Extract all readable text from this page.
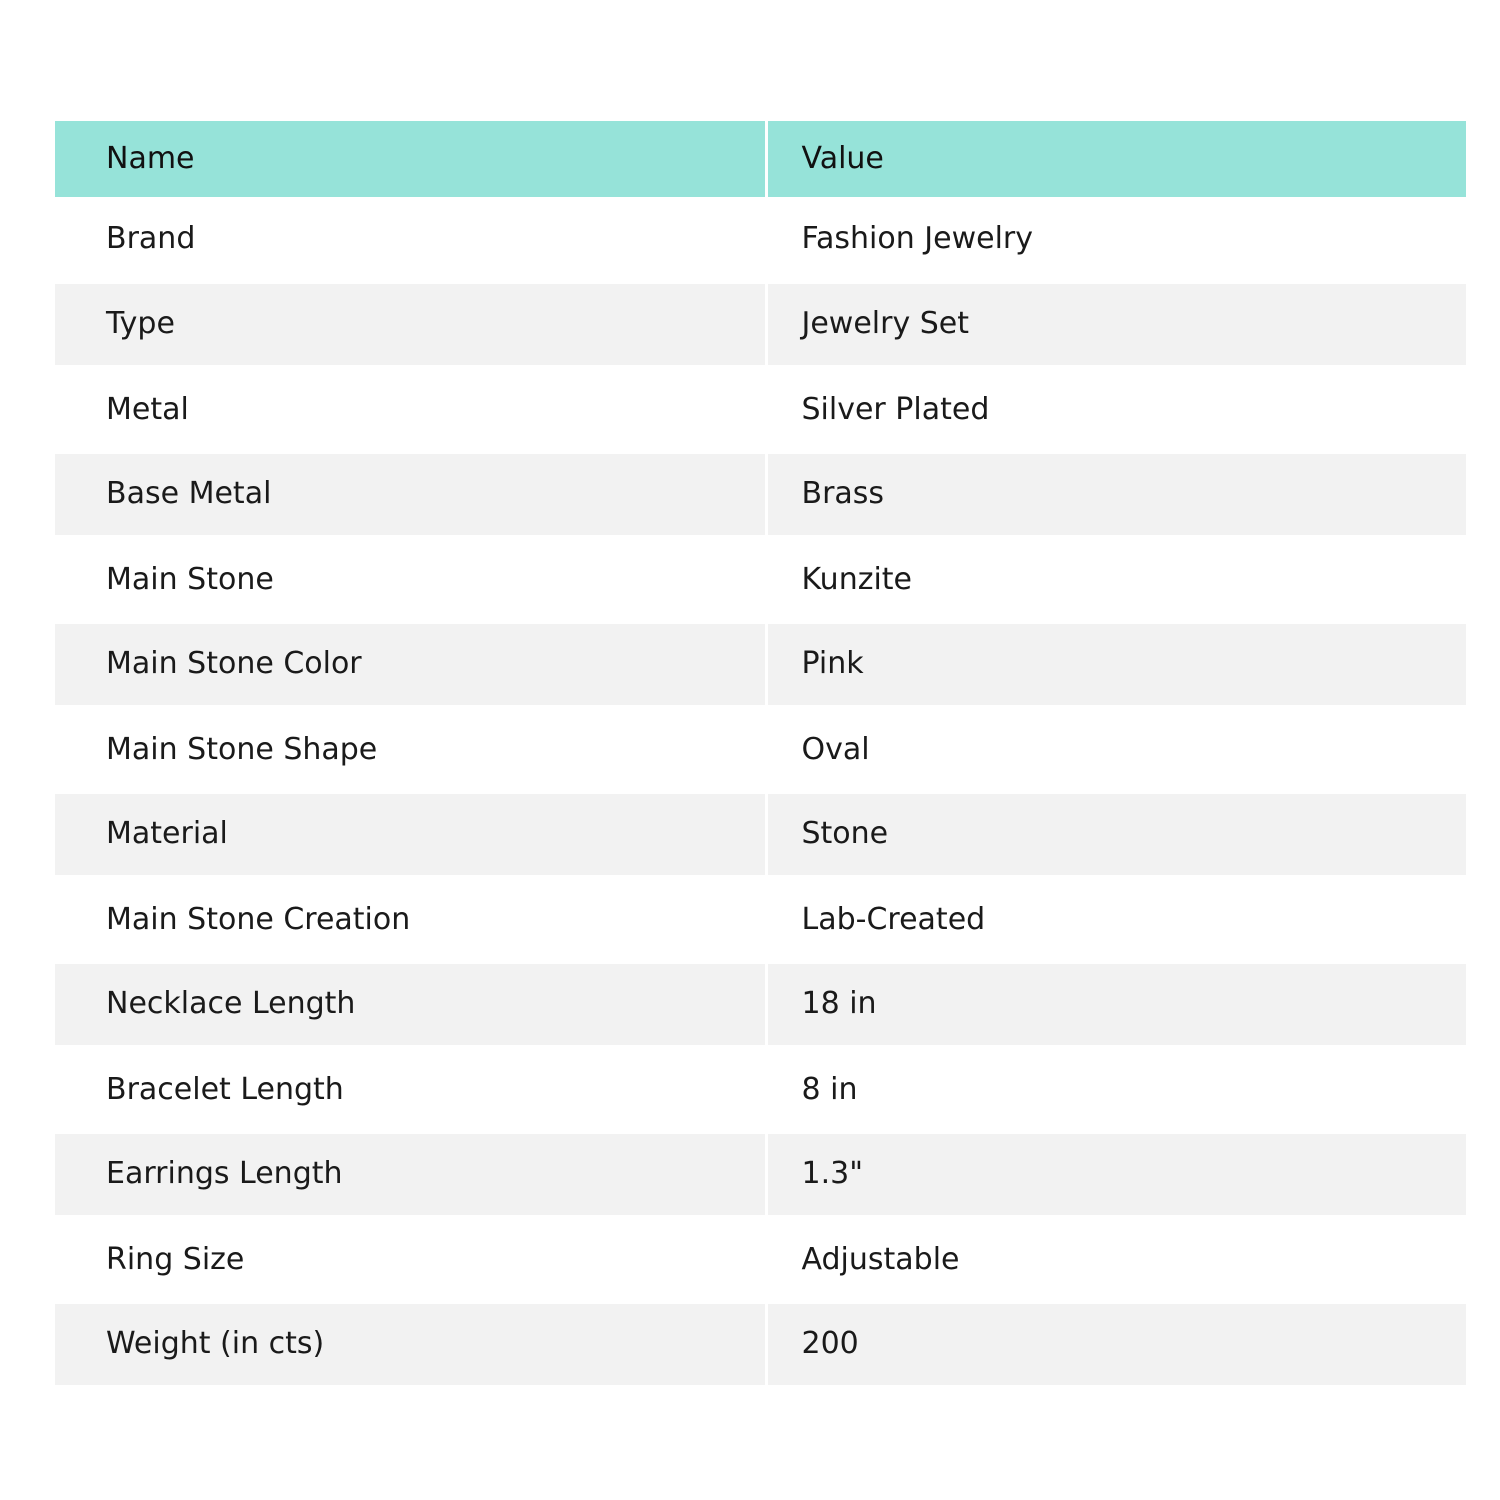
Name	Value
Brand	Fashion Jewelry
Type	Jewelry Set
Metal	Silver Plated
Base Metal	Brass
Main Stone	Kunzite
Main Stone Color	Pink
Main Stone Shape	Oval
Material	Stone
Main Stone Creation	Lab-Created
Necklace Length	18 in
Bracelet Length	8 in
Earrings Length	1.3"
Ring Size	Adjustable
Weight (in cts)	200
